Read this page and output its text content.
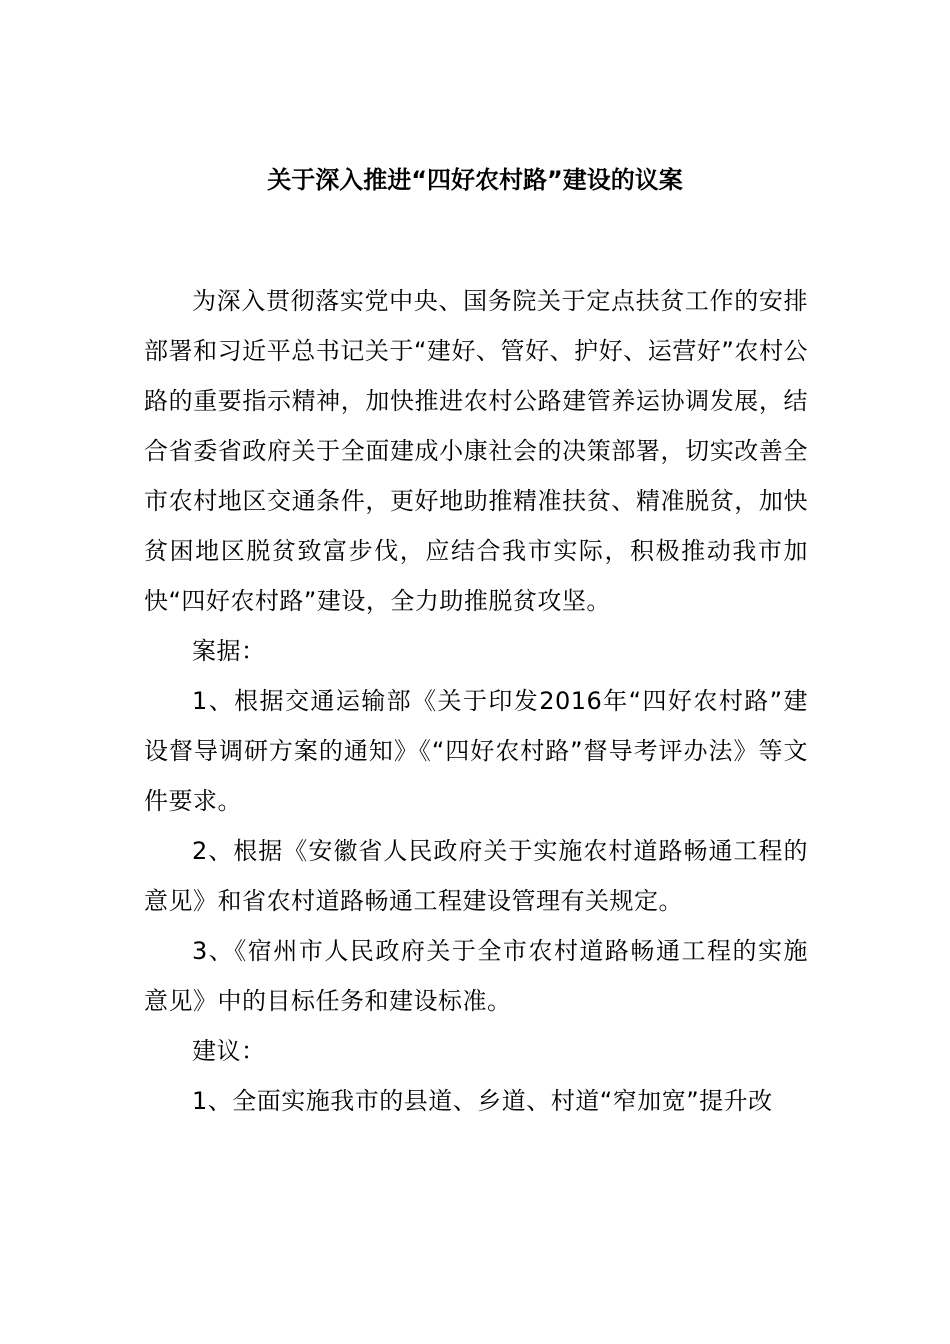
关于深入推进“四好农村路”建设的议案

为深入贯彻落实党中央、国务院关于定点扶贫工作的安排部署和习近平总书记关于“建好、管好、护好、运营好”农村公路的重要指示精神，加快推进农村公路建管养运协调发展，结合省委省政府关于全面建成小康社会的决策部署，切实改善全市农村地区交通条件，更好地助推精准扶贫、精准脱贫，加快贫困地区脱贫致富步伐，应结合我市实际，积极推动我市加快“四好农村路”建设，全力助推脱贫攻坚。

案据：

1、根据交通运输部《关于印发2016年“四好农村路”建设督导调研方案的通知》《“四好农村路”督导考评办法》等文件要求。

2、根据《安徽省人民政府关于实施农村道路畅通工程的意见》和省农村道路畅通工程建设管理有关规定。

3、《宿州市人民政府关于全市农村道路畅通工程的实施意见》中的目标任务和建设标准。

建议：

1、全面实施我市的县道、乡道、村道“窄加宽”提升改
